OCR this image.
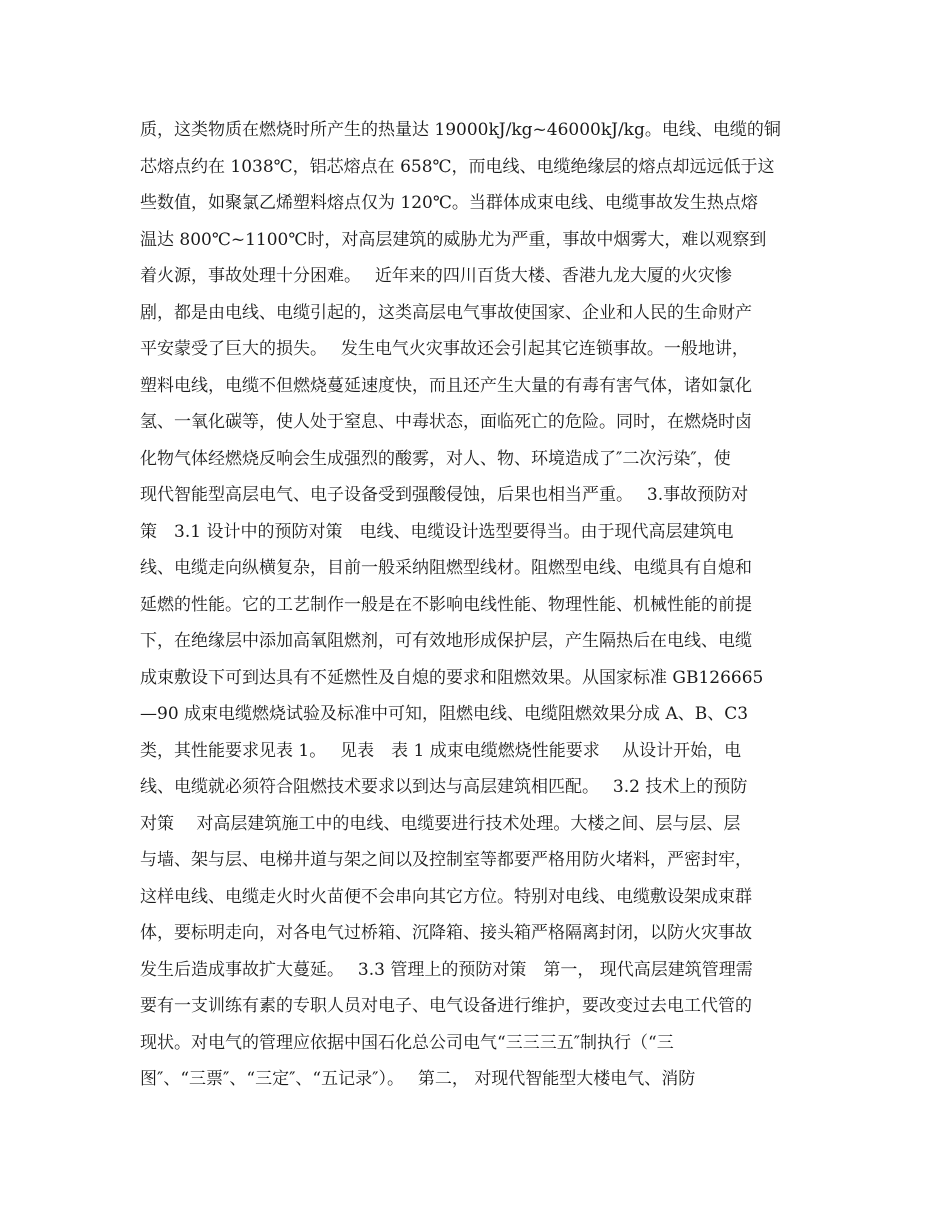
质，这类物质在燃烧时所产生的热量达 19000kJ/kg~46000kJ/kg。电线、电缆的铜
芯熔点约在 1038℃，铝芯熔点在 658℃，而电线、电缆绝缘层的熔点却远远低于这
些数值，如聚氯乙烯塑料熔点仅为 120℃。当群体成束电线、电缆事故发生热点熔
温达 800℃~1100℃时，对高层建筑的威胁尤为严重，事故中烟雾大，难以观察到
着火源，事故处理十分困难。　 近年来的四川百货大楼、香港九龙大厦的火灾惨
剧，都是由电线、电缆引起的，这类高层电气事故使国家、企业和人民的生命财产
平安蒙受了巨大的损失。　 发生电气火灾事故还会引起其它连锁事故。一般地讲，
塑料电线，电缆不但燃烧蔓延速度快，而且还产生大量的有毒有害气体，诸如氯化
氢、一氧化碳等，使人处于窒息、中毒状态，面临死亡的危险。同时，在燃烧时卤
化物气体经燃烧反响会生成强烈的酸雾，对人、物、环境造成了″二次污染″，使
现代智能型高层电气、电子设备受到强酸侵蚀，后果也相当严重。　 3.事故预防对
策　3.1 设计中的预防对策　电线、电缆设计选型要得当。由于现代高层建筑电
线、电缆走向纵横复杂，目前一般采纳阻燃型线材。阻燃型电线、电缆具有自熄和
延燃的性能。它的工艺制作一般是在不影响电线性能、物理性能、机械性能的前提
下，在绝缘层中添加高氧阻燃剂，可有效地形成保护层，产生隔热后在电线、电缆
成束敷设下可到达具有不延燃性及自熄的要求和阻燃效果。从国家标准 GB126665
—90 成束电缆燃烧试验及标准中可知，阻燃电线、电缆阻燃效果分成 A、B、C3
类，其性能要求见表 1。　 见表　表 1 成束电缆燃烧性能要求　 从设计开始，电
线、电缆就必须符合阻燃技术要求以到达与高层建筑相匹配。　 3.2 技术上的预防
对策　 对高层建筑施工中的电线、电缆要进行技术处理。大楼之间、层与层、层
与墙、架与层、电梯井道与架之间以及控制室等都要严格用防火堵料，严密封牢，
这样电线、电缆走火时火苗便不会串向其它方位。特别对电线、电缆敷设架成束群
体，要标明走向，对各电气过桥箱、沉降箱、接头箱严格隔离封闭，以防火灾事故
发生后造成事故扩大蔓延。　 3.3 管理上的预防对策　第一， 现代高层建筑管理需
要有一支训练有素的专职人员对电子、电气设备进行维护，要改变过去电工代管的
现状。对电气的管理应依据中国石化总公司电气“三三三五″制执行（“三
图″、“三票″、“三定″、“五记录″）。　 第二， 对现代智能型大楼电气、消防
